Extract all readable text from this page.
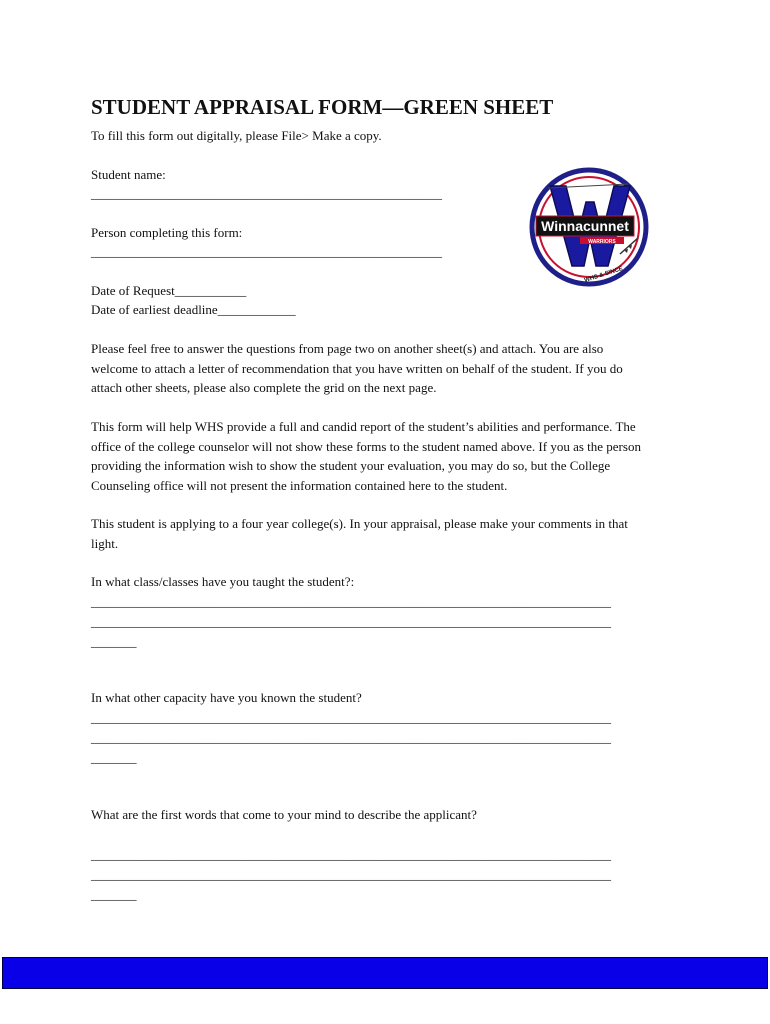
STUDENT APPRAISAL FORM—GREEN SHEET
To fill this form out digitally, please File> Make a copy.
Student name:
______________________________________________________
Person completing this form:
______________________________________________________
Date of Request___________
Date of earliest deadline____________
Winnacunnet
WARRIORS
WHS & SINCE
Please feel free to answer the questions from page two on another sheet(s) and attach. You are also
welcome to attach a letter of recommendation that you have written on behalf of the student. If you do
attach other sheets, please also complete the grid on the next page.
This form will help WHS provide a full and candid report of the student’s abilities and performance. The
office of the college counselor will not show these forms to the student named above. If you as the person
providing the information wish to show the student your evaluation, you may do so, but the College
Counseling office will not present the information contained here to the student.
This student is applying to a four year college(s). In your appraisal, please make your comments in that
light.
In what class/classes have you taught the student?:
________________________________________________________________________________
________________________________________________________________________________
_______
In what other capacity have you known the student?
________________________________________________________________________________
________________________________________________________________________________
_______
What are the first words that come to your mind to describe the applicant?
________________________________________________________________________________
________________________________________________________________________________
_______
